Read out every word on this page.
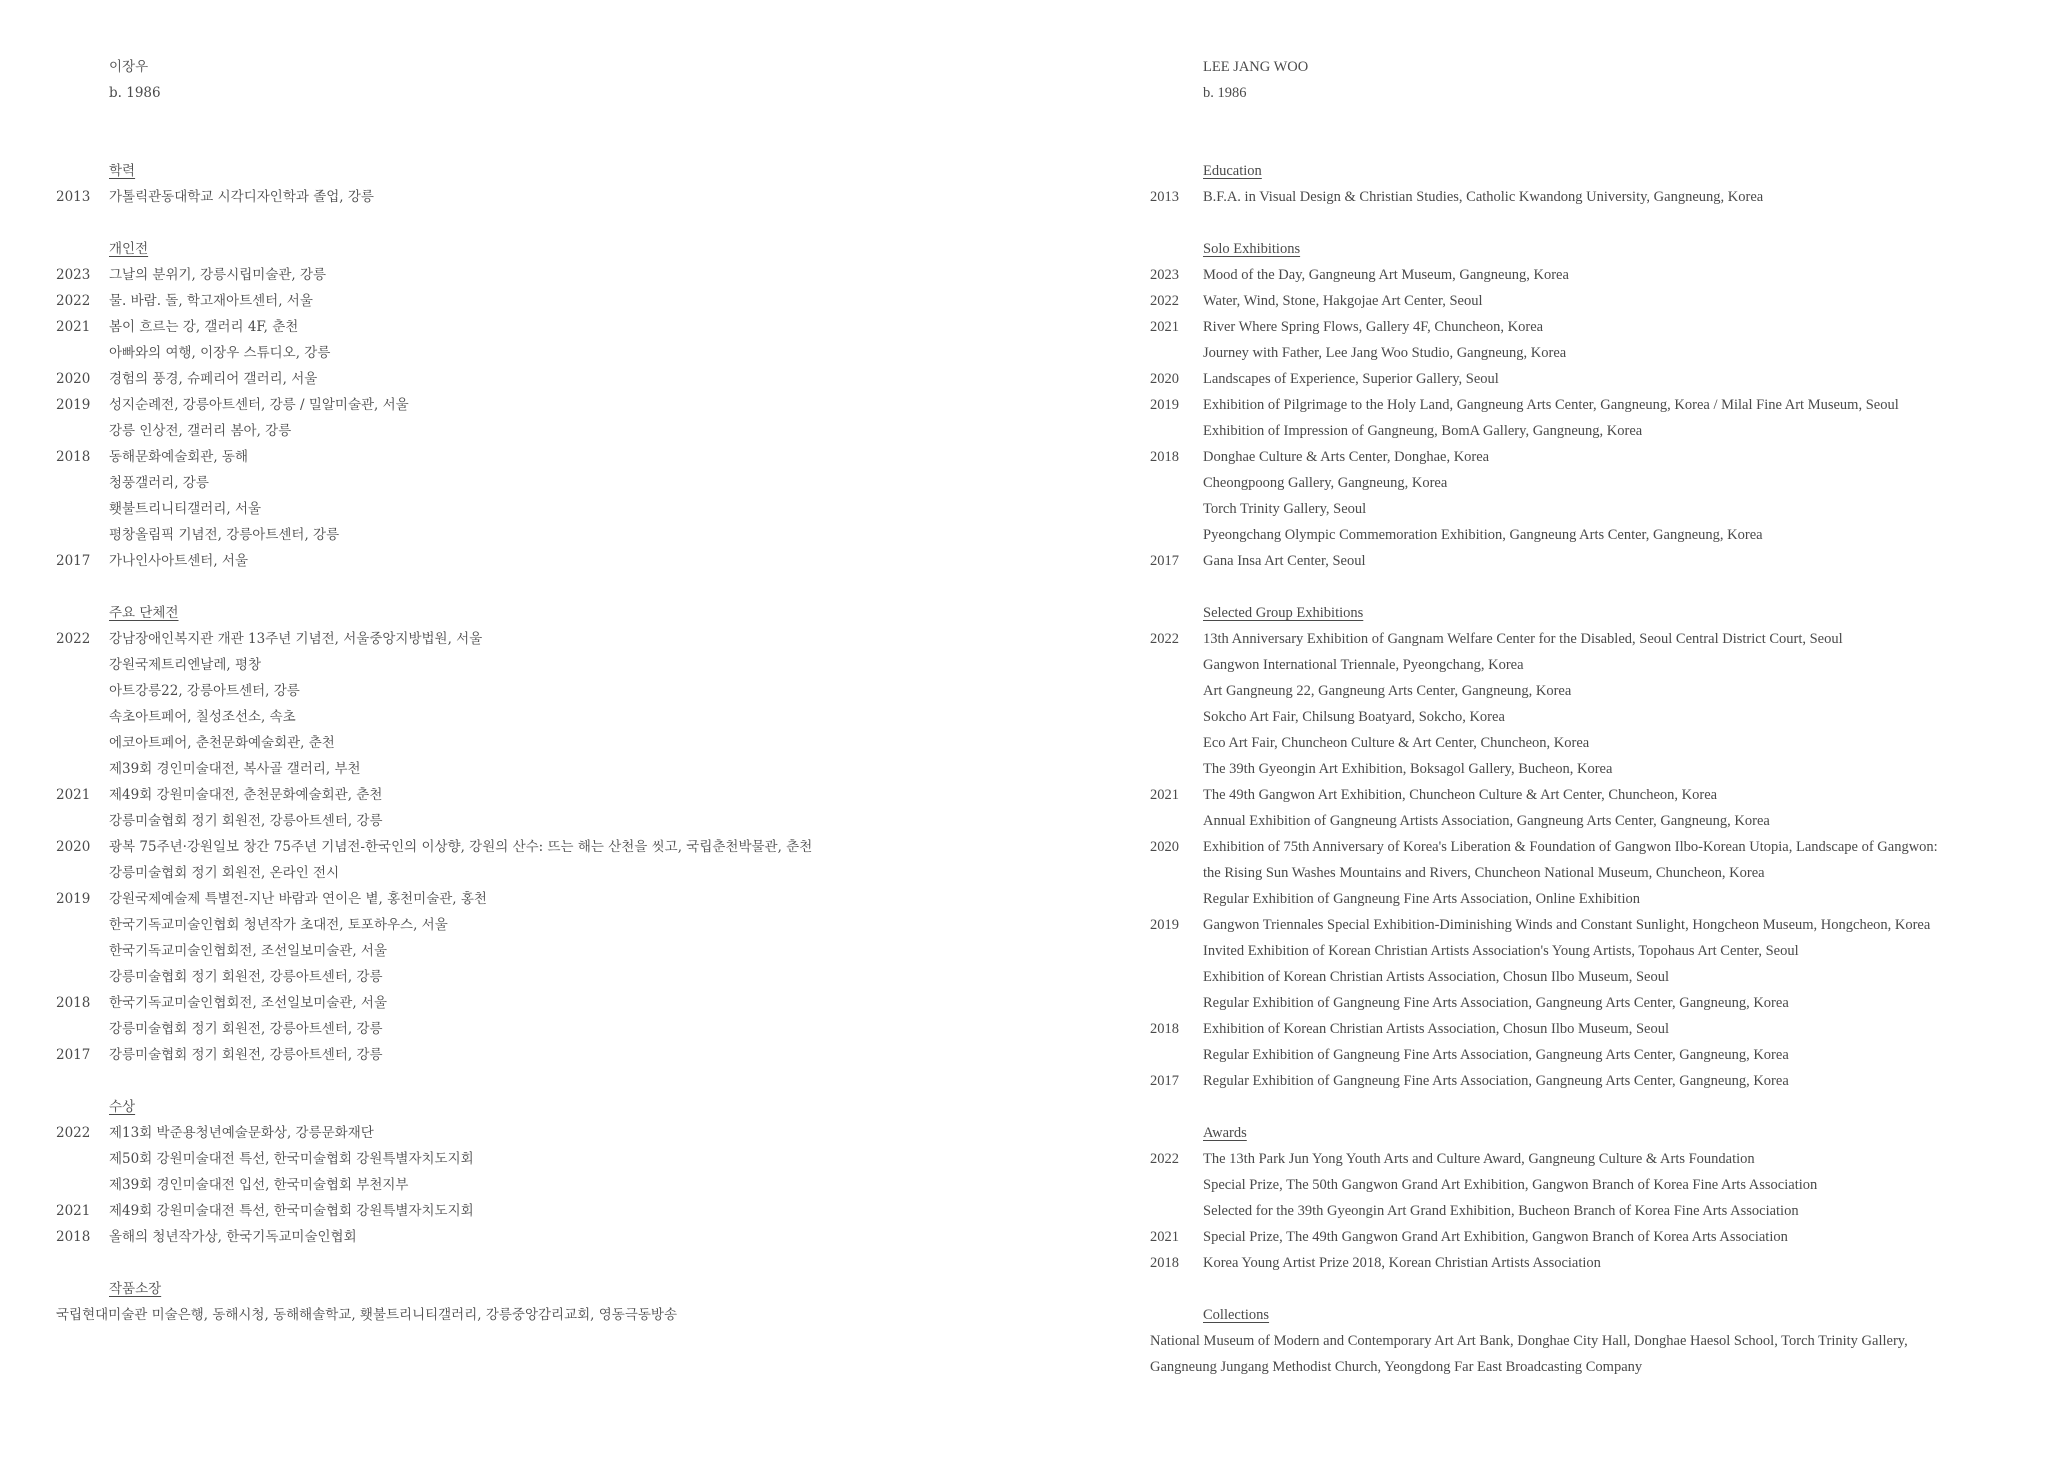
이장우
b. 1986
학력
2013	가톨릭관동대학교 시각디자인학과 졸업, 강릉
개인전
2023	그날의 분위기, 강릉시립미술관, 강릉
2022	물. 바람. 돌, 학고재아트센터, 서울
2021	봄이 흐르는 강, 갤러리 4F, 춘천
아빠와의 여행, 이장우 스튜디오, 강릉
2020	경험의 풍경, 슈페리어 갤러리, 서울
2019	성지순례전, 강릉아트센터, 강릉 / 밀알미술관, 서울
강릉 인상전, 갤러리 봄아, 강릉
2018	동해문화예술회관, 동해
청풍갤러리, 강릉
횃불트리니티갤러리, 서울
평창올림픽 기념전, 강릉아트센터, 강릉
2017	가나인사아트센터, 서울
주요 단체전
2022	강남장애인복지관 개관 13주년 기념전, 서울중앙지방법원, 서울
강원국제트리엔날레, 평창
아트강릉22, 강릉아트센터, 강릉
속초아트페어, 칠성조선소, 속초
에코아트페어, 춘천문화예술회관, 춘천
제39회 경인미술대전, 복사골 갤러리, 부천
2021	제49회 강원미술대전, 춘천문화예술회관, 춘천
강릉미술협회 정기 회원전, 강릉아트센터, 강릉
2020	광복 75주년·강원일보 창간 75주년 기념전-한국인의 이상향, 강원의 산수: 뜨는 해는 산천을 씻고, 국립춘천박물관, 춘천
강릉미술협회 정기 회원전, 온라인 전시
2019	강원국제예술제 특별전-지난 바람과 연이은 볕, 홍천미술관, 홍천
한국기독교미술인협회 청년작가 초대전, 토포하우스, 서울
한국기독교미술인협회전, 조선일보미술관, 서울
강릉미술협회 정기 회원전, 강릉아트센터, 강릉
2018	한국기독교미술인협회전, 조선일보미술관, 서울
강릉미술협회 정기 회원전, 강릉아트센터, 강릉
2017	강릉미술협회 정기 회원전, 강릉아트센터, 강릉
수상
2022	제13회 박준용청년예술문화상, 강릉문화재단
제50회 강원미술대전 특선, 한국미술협회 강원특별자치도지회
제39회 경인미술대전 입선, 한국미술협회 부천지부
2021	제49회 강원미술대전 특선, 한국미술협회 강원특별자치도지회
2018	올해의 청년작가상, 한국기독교미술인협회
작품소장
국립현대미술관 미술은행, 동해시청, 동해해솔학교, 횃불트리니티갤러리, 강릉중앙감리교회, 영동극동방송
LEE JANG WOO
b. 1986
Education
2013	B.F.A. in Visual Design & Christian Studies, Catholic Kwandong University, Gangneung, Korea
Solo Exhibitions
2023	Mood of the Day, Gangneung Art Museum, Gangneung, Korea
2022	Water, Wind, Stone, Hakgojae Art Center, Seoul
2021	River Where Spring Flows, Gallery 4F, Chuncheon, Korea
Journey with Father, Lee Jang Woo Studio, Gangneung, Korea
2020	Landscapes of Experience, Superior Gallery, Seoul
2019	Exhibition of Pilgrimage to the Holy Land, Gangneung Arts Center, Gangneung, Korea / Milal Fine Art Museum, Seoul
Exhibition of Impression of Gangneung, BomA Gallery, Gangneung, Korea
2018	Donghae Culture & Arts Center, Donghae, Korea
Cheongpoong Gallery, Gangneung, Korea
Torch Trinity Gallery, Seoul
Pyeongchang Olympic Commemoration Exhibition, Gangneung Arts Center, Gangneung, Korea
2017	Gana Insa Art Center, Seoul
Selected Group Exhibitions
2022	13th Anniversary Exhibition of Gangnam Welfare Center for the Disabled, Seoul Central District Court, Seoul
Gangwon International Triennale, Pyeongchang, Korea
Art Gangneung 22, Gangneung Arts Center, Gangneung, Korea
Sokcho Art Fair, Chilsung Boatyard, Sokcho, Korea
Eco Art Fair, Chuncheon Culture & Art Center, Chuncheon, Korea
The 39th Gyeongin Art Exhibition, Boksagol Gallery, Bucheon, Korea
2021	The 49th Gangwon Art Exhibition, Chuncheon Culture & Art Center, Chuncheon, Korea
Annual Exhibition of Gangneung Artists Association, Gangneung Arts Center, Gangneung, Korea
2020	Exhibition of 75th Anniversary of Korea's Liberation & Foundation of Gangwon Ilbo-Korean Utopia, Landscape of Gangwon:
the Rising Sun Washes Mountains and Rivers, Chuncheon National Museum, Chuncheon, Korea
Regular Exhibition of Gangneung Fine Arts Association, Online Exhibition
2019	Gangwon Triennales Special Exhibition-Diminishing Winds and Constant Sunlight, Hongcheon Museum, Hongcheon, Korea
Invited Exhibition of Korean Christian Artists Association's Young Artists, Topohaus Art Center, Seoul
Exhibition of Korean Christian Artists Association, Chosun Ilbo Museum, Seoul
Regular Exhibition of Gangneung Fine Arts Association, Gangneung Arts Center, Gangneung, Korea
2018	Exhibition of Korean Christian Artists Association, Chosun Ilbo Museum, Seoul
Regular Exhibition of Gangneung Fine Arts Association, Gangneung Arts Center, Gangneung, Korea
2017	Regular Exhibition of Gangneung Fine Arts Association, Gangneung Arts Center, Gangneung, Korea
Awards
2022	The 13th Park Jun Yong Youth Arts and Culture Award, Gangneung Culture & Arts Foundation
Special Prize, The 50th Gangwon Grand Art Exhibition, Gangwon Branch of Korea Fine Arts Association
Selected for the 39th Gyeongin Art Grand Exhibition, Bucheon Branch of Korea Fine Arts Association
2021	Special Prize, The 49th Gangwon Grand Art Exhibition, Gangwon Branch of Korea Arts Association
2018	Korea Young Artist Prize 2018, Korean Christian Artists Association
Collections
National Museum of Modern and Contemporary Art Art Bank, Donghae City Hall, Donghae Haesol School, Torch Trinity Gallery,
Gangneung Jungang Methodist Church, Yeongdong Far East Broadcasting Company
